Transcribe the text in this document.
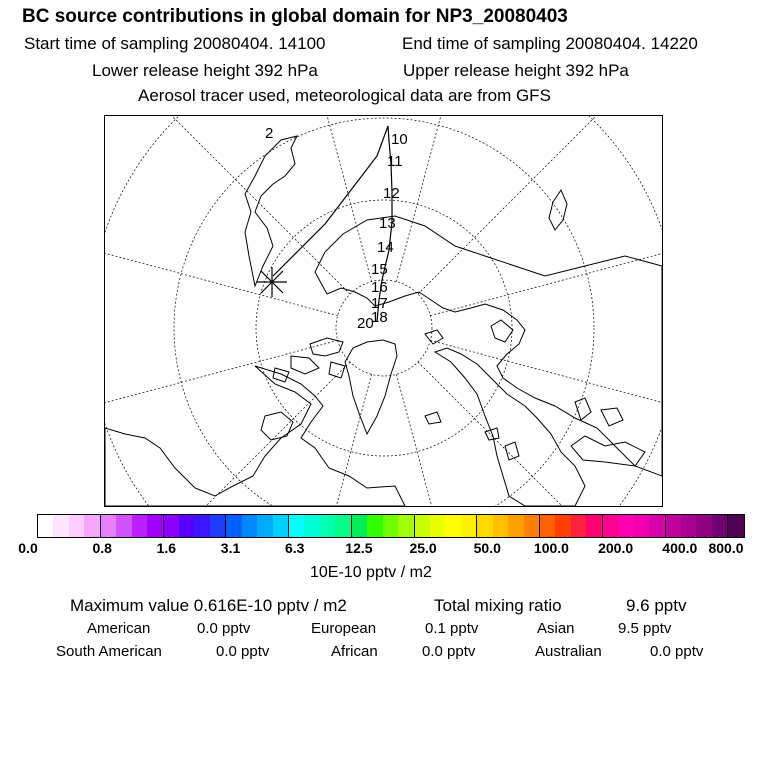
BC source contributions in global domain for NP3_20080403
Start time of sampling 20080404. 14100	End time of sampling 20080404. 14220
Lower release height 392 hPa	Upper release height 392 hPa
Aerosol tracer used, meteorological data are from GFS
2	10
11
12
13
14
15
16
17
18
20
0.0	0.8	1.6	3.1	6.3	12.5	25.0	50.0 100.0 200.0 400.0 800.0
10E-10 pptv / m2
Maximum value 0.616E-10 pptv / m2	Total mixing ratio	9.6 pptv
American	0.0 pptv	European	0.1 pptv	Asian	9.5 pptv
South American	0.0 pptv	African	0.0 pptv	Australian	0.0 pptv
